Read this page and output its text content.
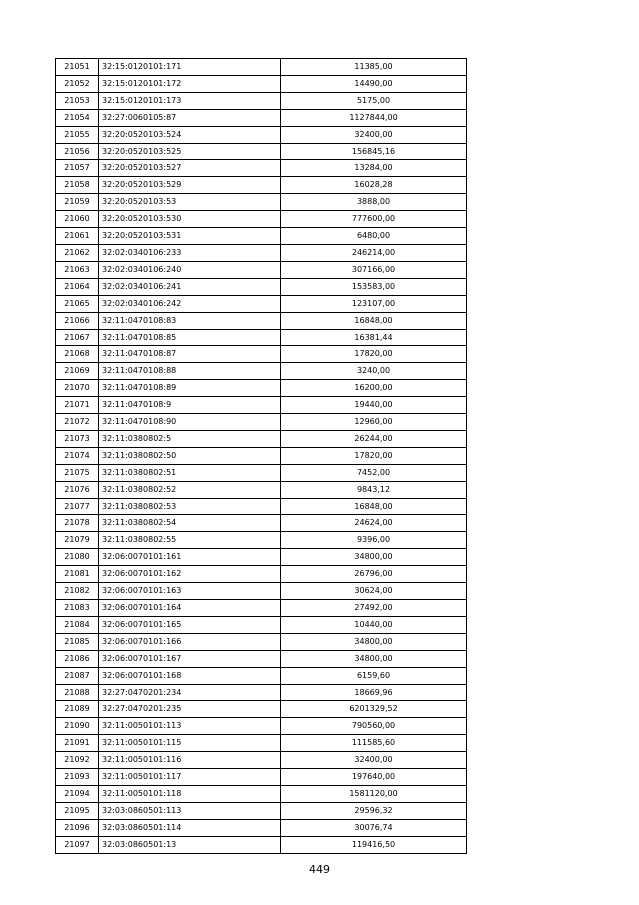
21051	32:15:0120101:171	11385,00
21052	32:15:0120101:172	14490,00
21053	32:15:0120101:173	5175,00
21054	32:27:0060105:87	1127844,00
21055	32:20:0520103:524	32400,00
21056	32:20:0520103:525	156845,16
21057	32:20:0520103:527	13284,00
21058	32:20:0520103:529	16028,28
21059	32:20:0520103:53	3888,00
21060	32:20:0520103:530	777600,00
21061	32:20:0520103:531	6480,00
21062	32:02:0340106:233	246214,00
21063	32:02:0340106:240	307166,00
21064	32:02:0340106:241	153583,00
21065	32:02:0340106:242	123107,00
21066	32:11:0470108:83	16848,00
21067	32:11:0470108:85	16381,44
21068	32:11:0470108:87	17820,00
21069	32:11:0470108:88	3240,00
21070	32:11:0470108:89	16200,00
21071	32:11:0470108:9	19440,00
21072	32:11:0470108:90	12960,00
21073	32:11:0380802:5	26244,00
21074	32:11:0380802:50	17820,00
21075	32:11:0380802:51	7452,00
21076	32:11:0380802:52	9843,12
21077	32:11:0380802:53	16848,00
21078	32:11:0380802:54	24624,00
21079	32:11:0380802:55	9396,00
21080	32:06:0070101:161	34800,00
21081	32:06:0070101:162	26796,00
21082	32:06:0070101:163	30624,00
21083	32:06:0070101:164	27492,00
21084	32:06:0070101:165	10440,00
21085	32:06:0070101:166	34800,00
21086	32:06:0070101:167	34800,00
21087	32:06:0070101:168	6159,60
21088	32:27:0470201:234	18669,96
21089	32:27:0470201:235	6201329,52
21090	32:11:0050101:113	790560,00
21091	32:11:0050101:115	111585,60
21092	32:11:0050101:116	32400,00
21093	32:11:0050101:117	197640,00
21094	32:11:0050101:118	1581120,00
21095	32:03:0860501:113	29596,32
21096	32:03:0860501:114	30076,74
21097	32:03:0860501:13	119416,50
449
